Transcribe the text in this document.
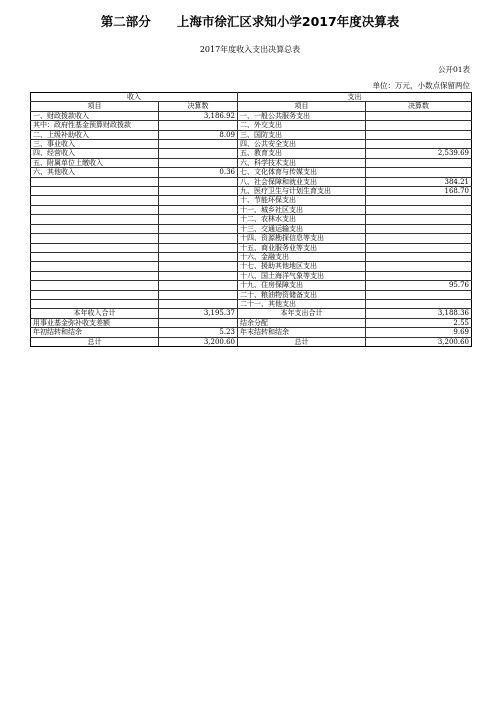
第二部分      上海市徐汇区求知小学2017年度决算表
2017年度收入支出决算总表
公开01表
单位：万元，小数点保留两位
收入		支出	
项目	决算数	项目	决算数
一、财政拨款收入	3,186.92	一、一般公共服务支出	
其中：政府性基金预算财政拨款		二、外交支出	
二、上级补助收入	8.09	三、国防支出	
三、事业收入		四、公共安全支出	
四、经营收入		五、教育支出	2,539.69
五、附属单位上缴收入		六、科学技术支出	
六、其他收入	0.36	七、文化体育与传媒支出	
		八、社会保障和就业支出	384.21
		九、医疗卫生与计划生育支出	168.70
		十、节能环保支出	
		十一、城乡社区支出	
		十二、农林水支出	
		十三、交通运输支出	
		十四、资源勘探信息等支出	
		十五、商业服务业等支出	
		十六、金融支出	
		十七、援助其他地区支出	
		十八、国土海洋气象等支出	
		十九、住房保障支出	95.76
		二十、粮油物资储备支出	
		二十一、其他支出	
本年收入合计	3,195.37	本年支出合计	3,188.36
用事业基金弥补收支差额		结余分配	2.55
年初结转和结余	5.23	年末结转和结余	9.69
总计	3,200.60	总计	3,200.60
